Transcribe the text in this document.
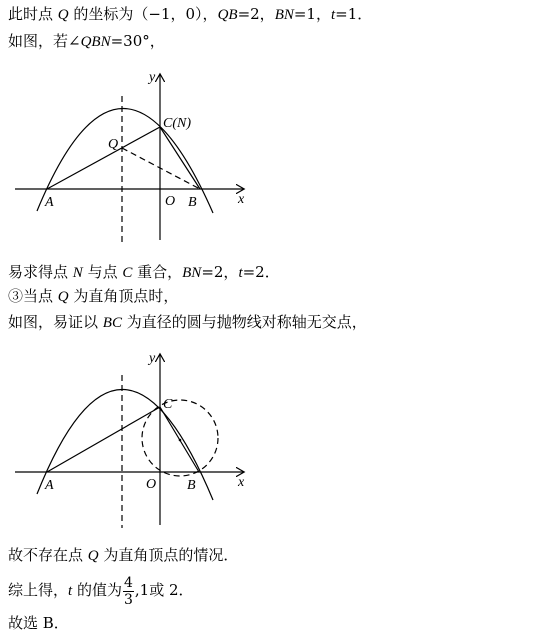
此时点 Q 的坐标为（−1，0），QB=2，BN=1，t=1．
如图，若∠QBN=30°，
y
x
O
A	B
Q
C(N)
易求得点 N 与点 C 重合，BN=2，t=2．
③当点 Q 为直角顶点时，
如图，易证以 BC 为直径的圆与抛物线对称轴无交点，
y
x
O
A	B
C
故不存在点 Q 为直角顶点的情况．
综上得，t 的值为 $\frac{4}{3} ,1$或 2．
故选 B．
